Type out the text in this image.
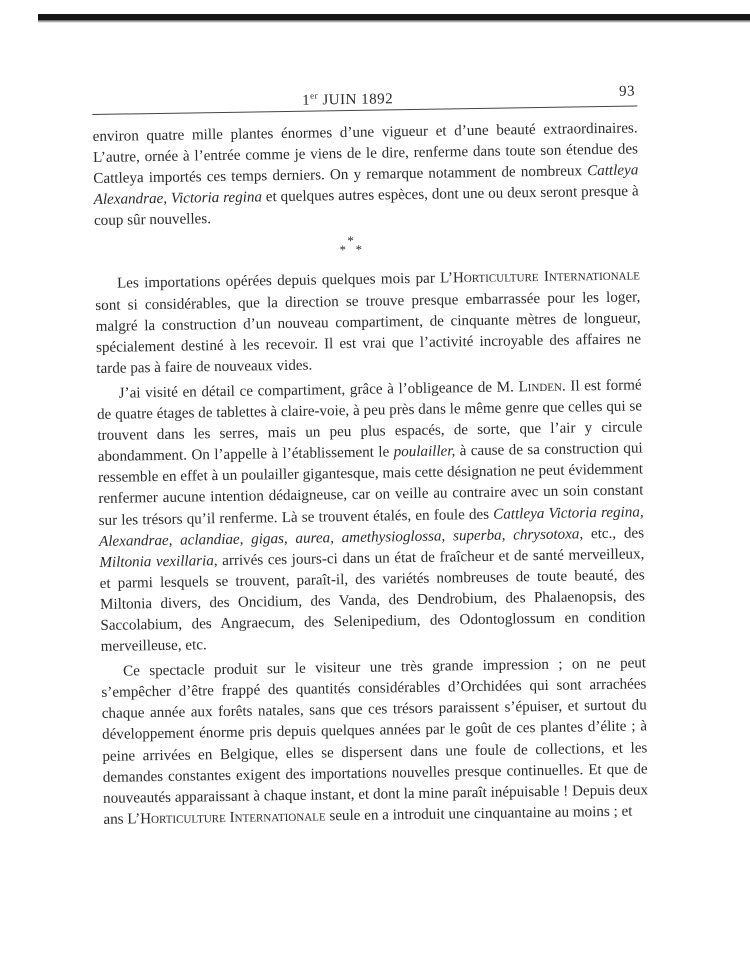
1er JUIN 1892	93

environ quatre mille plantes énormes d’une vigueur et d’une beauté extraordinaires. L’autre, ornée à l’entrée comme je viens de le dire, renferme dans toute son étendue des Cattleya importés ces temps derniers. On y remarque notamment de nombreux Cattleya Alexandrae, Victoria regina et quelques autres espèces, dont une ou deux seront presque à coup sûr nouvelles.

*
* *

Les importations opérées depuis quelques mois par L’Horticulture Internationale sont si considérables, que la direction se trouve presque embarrassée pour les loger, malgré la construction d’un nouveau compartiment, de cinquante mètres de longueur, spécialement destiné à les recevoir. Il est vrai que l’activité incroyable des affaires ne tarde pas à faire de nouveaux vides.

J’ai visité en détail ce compartiment, grâce à l’obligeance de M. Linden. Il est formé de quatre étages de tablettes à claire-voie, à peu près dans le même genre que celles qui se trouvent dans les serres, mais un peu plus espacés, de sorte, que l’air y circule abondamment. On l’appelle à l’établissement le poulailler, à cause de sa construction qui ressemble en effet à un poulailler gigantesque, mais cette désignation ne peut évidemment renfermer aucune intention dédaigneuse, car on veille au contraire avec un soin constant sur les trésors qu’il renferme. Là se trouvent étalés, en foule des Cattleya Victoria regina, Alexandrae, aclandiae, gigas, aurea, amethysioglossa, superba, chrysotoxa, etc., des Miltonia vexillaria, arrivés ces jours-ci dans un état de fraîcheur et de santé merveilleux, et parmi lesquels se trouvent, paraît-il, des variétés nombreuses de toute beauté, des Miltonia divers, des Oncidium, des Vanda, des Dendrobium, des Phalaenopsis, des Saccolabium, des Angraecum, des Selenipedium, des Odontoglossum en condition merveilleuse, etc.

Ce spectacle produit sur le visiteur une très grande impression ; on ne peut s’empêcher d’être frappé des quantités considérables d’Orchidées qui sont arrachées chaque année aux forêts natales, sans que ces trésors paraissent s’épuiser, et surtout du développement énorme pris depuis quelques années par le goût de ces plantes d’élite ; à peine arrivées en Belgique, elles se dispersent dans une foule de collections, et les demandes constantes exigent des importations nouvelles presque continuelles. Et que de nouveautés apparaissant à chaque instant, et dont la mine paraît inépuisable ! Depuis deux ans L’Horticulture Internationale seule en a introduit une cinquantaine au moins ; et
